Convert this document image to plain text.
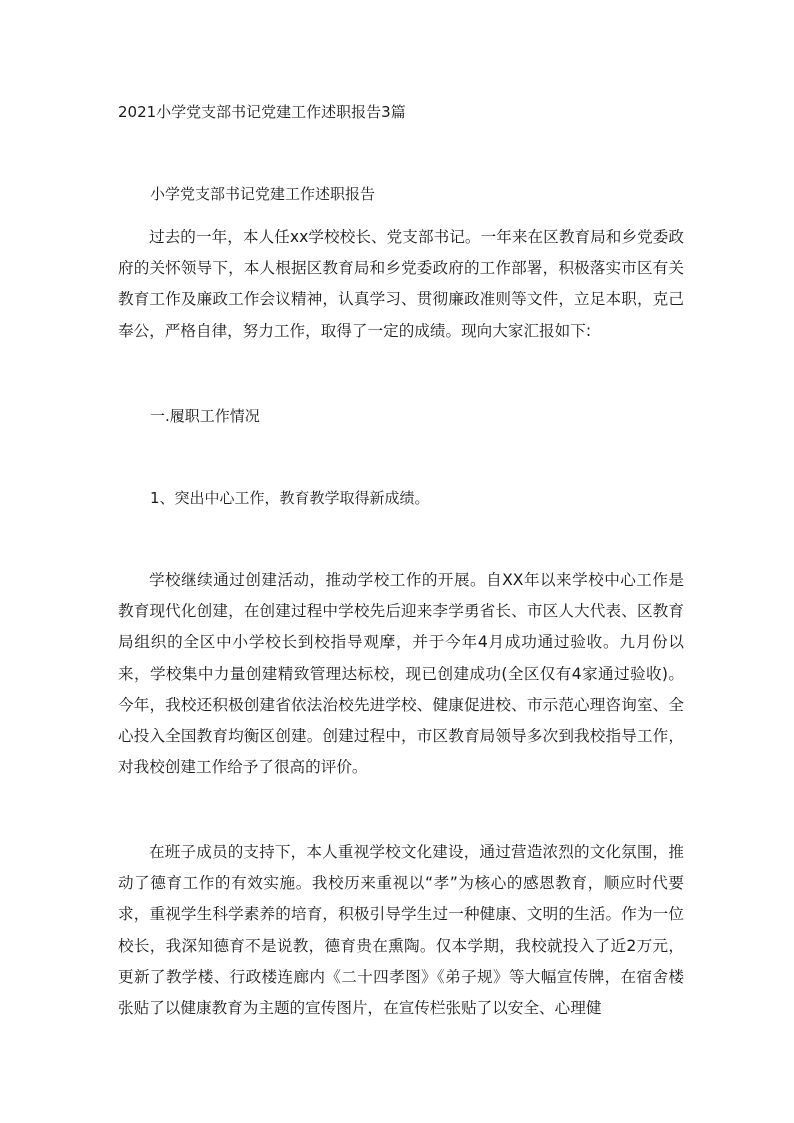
2021小学党支部书记党建工作述职报告3篇
小学党支部书记党建工作述职报告
过去的一年，本人任xx学校校长、党支部书记。一年来在区教育局和乡党委政府的关怀领导下，本人根据区教育局和乡党委政府的工作部署，积极落实市区有关教育工作及廉政工作会议精神，认真学习、贯彻廉政准则等文件，立足本职，克己奉公，严格自律，努力工作，取得了一定的成绩。现向大家汇报如下:
一.履职工作情况
1、突出中心工作，教育教学取得新成绩。
学校继续通过创建活动，推动学校工作的开展。自XX年以来学校中心工作是教育现代化创建，在创建过程中学校先后迎来李学勇省长、市区人大代表、区教育局组织的全区中小学校长到校指导观摩，并于今年4月成功通过验收。九月份以来，学校集中力量创建精致管理达标校，现已创建成功(全区仅有4家通过验收)。今年，我校还积极创建省依法治校先进学校、健康促进校、市示范心理咨询室、全心投入全国教育均衡区创建。创建过程中，市区教育局领导多次到我校指导工作，对我校创建工作给予了很高的评价。
在班子成员的支持下，本人重视学校文化建设，通过营造浓烈的文化氛围，推动了德育工作的有效实施。我校历来重视以“孝”为核心的感恩教育，顺应时代要求，重视学生科学素养的培育，积极引导学生过一种健康、文明的生活。作为一位校长，我深知德育不是说教，德育贵在熏陶。仅本学期，我校就投入了近2万元，更新了教学楼、行政楼连廊内《二十四孝图》《弟子规》等大幅宣传牌，在宿舍楼张贴了以健康教育为主题的宣传图片，在宣传栏张贴了以安全、心理健
